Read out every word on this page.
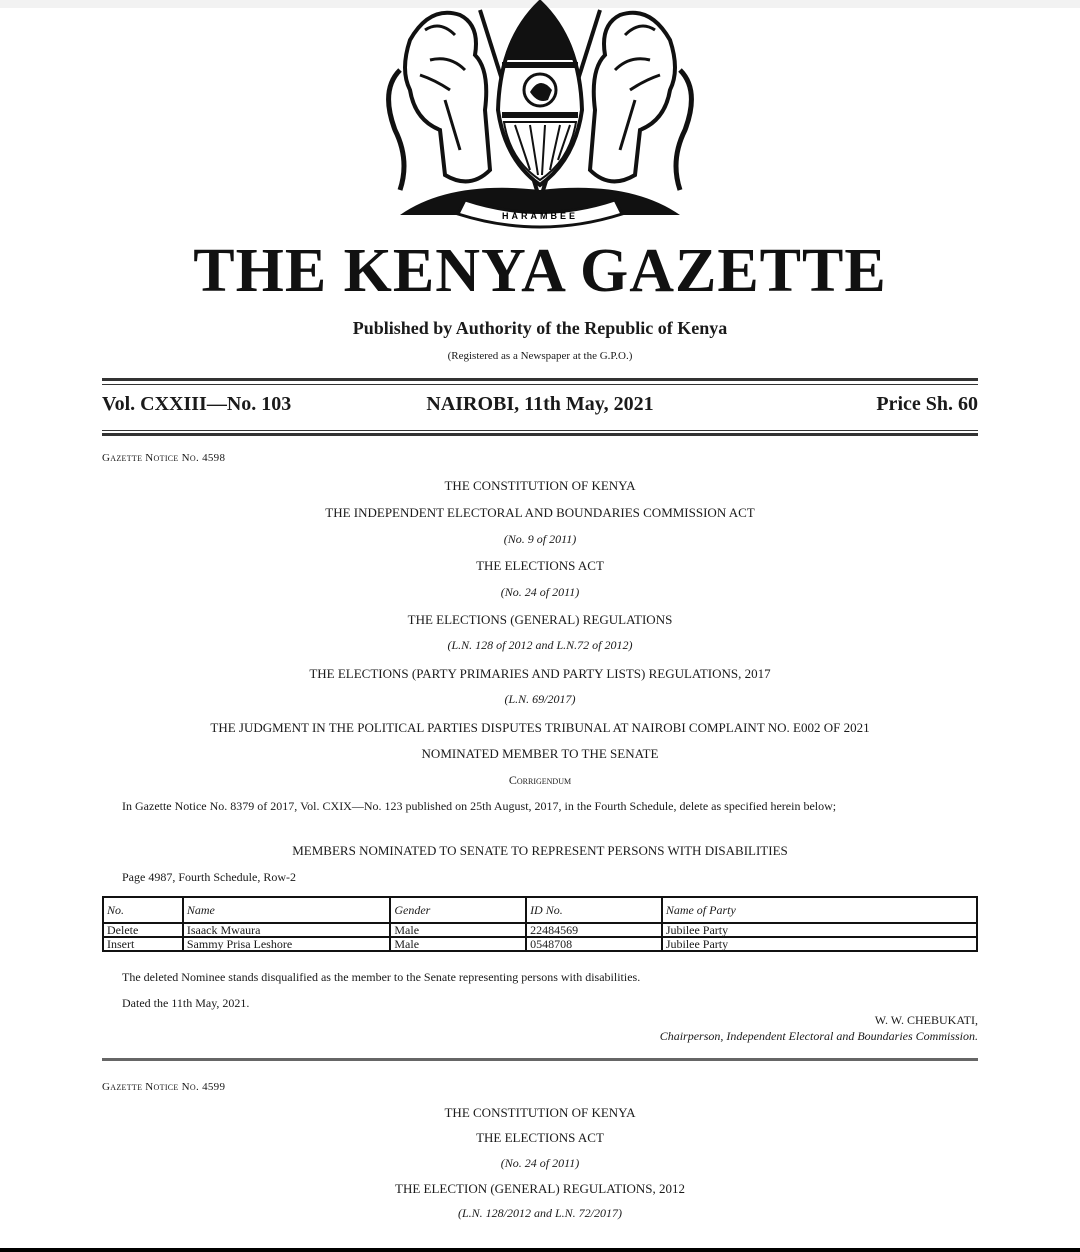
HARAMBEE
THE KENYA GAZETTE
Published by Authority of the Republic of Kenya
(Registered as a Newspaper at the G.P.O.)
Vol. CXXIII—No. 103	NAIROBI, 11th May, 2021	Price Sh. 60
Gazette Notice No. 4598
THE CONSTITUTION OF KENYA
THE INDEPENDENT ELECTORAL AND BOUNDARIES COMMISSION ACT
(No. 9 of 2011)
THE ELECTIONS ACT
(No. 24 of 2011)
THE ELECTIONS (GENERAL) REGULATIONS
(L.N. 128 of 2012 and L.N.72 of 2012)
THE ELECTIONS (PARTY PRIMARIES AND PARTY LISTS) REGULATIONS, 2017
(L.N. 69/2017)
THE JUDGMENT IN THE POLITICAL PARTIES DISPUTES TRIBUNAL AT NAIROBI COMPLAINT NO. E002 OF 2021
NOMINATED MEMBER TO THE SENATE
Corrigendum
In Gazette Notice No. 8379 of 2017, Vol. CXIX—No. 123 published on 25th August, 2017, in the Fourth Schedule, delete as specified herein below;
MEMBERS NOMINATED TO SENATE TO REPRESENT PERSONS WITH DISABILITIES
Page 4987, Fourth Schedule, Row-2
No.	Name	Gender	ID No.	Name of Party
Delete	Isaack Mwaura	Male	22484569	Jubilee Party
Insert	Sammy Prisa Leshore	Male	0548708	Jubilee Party
The deleted Nominee stands disqualified as the member to the Senate representing persons with disabilities.
Dated the 11th May, 2021.
W. W. CHEBUKATI,
Chairperson, Independent Electoral and Boundaries Commission.
Gazette Notice No. 4599
THE CONSTITUTION OF KENYA
THE ELECTIONS ACT
(No. 24 of 2011)
THE ELECTION (GENERAL) REGULATIONS, 2012
(L.N. 128/2012 and L.N. 72/2017)
